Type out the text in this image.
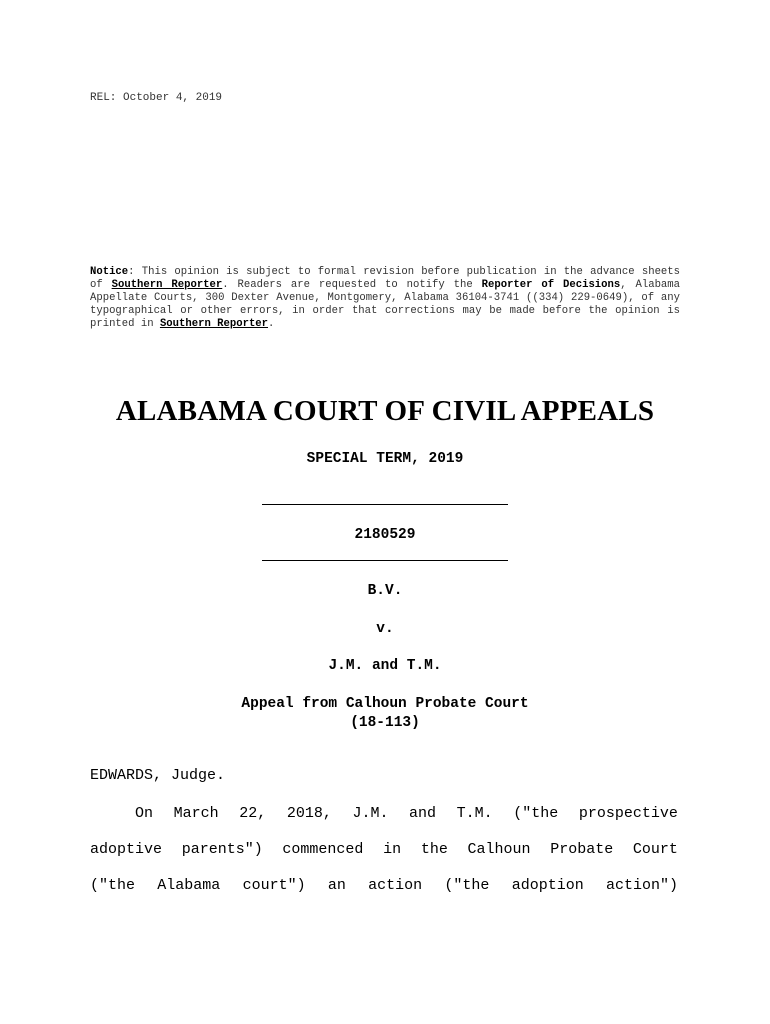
REL: October 4, 2019
Notice: This opinion is subject to formal revision before publication in the advance sheets of Southern Reporter. Readers are requested to notify the Reporter of Decisions, Alabama Appellate Courts, 300 Dexter Avenue, Montgomery, Alabama 36104-3741 ((334) 229-0649), of any typographical or other errors, in order that corrections may be made before the opinion is printed in Southern Reporter.
ALABAMA COURT OF CIVIL APPEALS
SPECIAL TERM, 2019
2180529
B.V.
v.
J.M. and T.M.
Appeal from Calhoun Probate Court
(18-113)
EDWARDS, Judge.
On March 22, 2018, J.M. and T.M. ("the prospective
adoptive parents") commenced in the Calhoun Probate Court
("the Alabama court") an action ("the adoption action")
